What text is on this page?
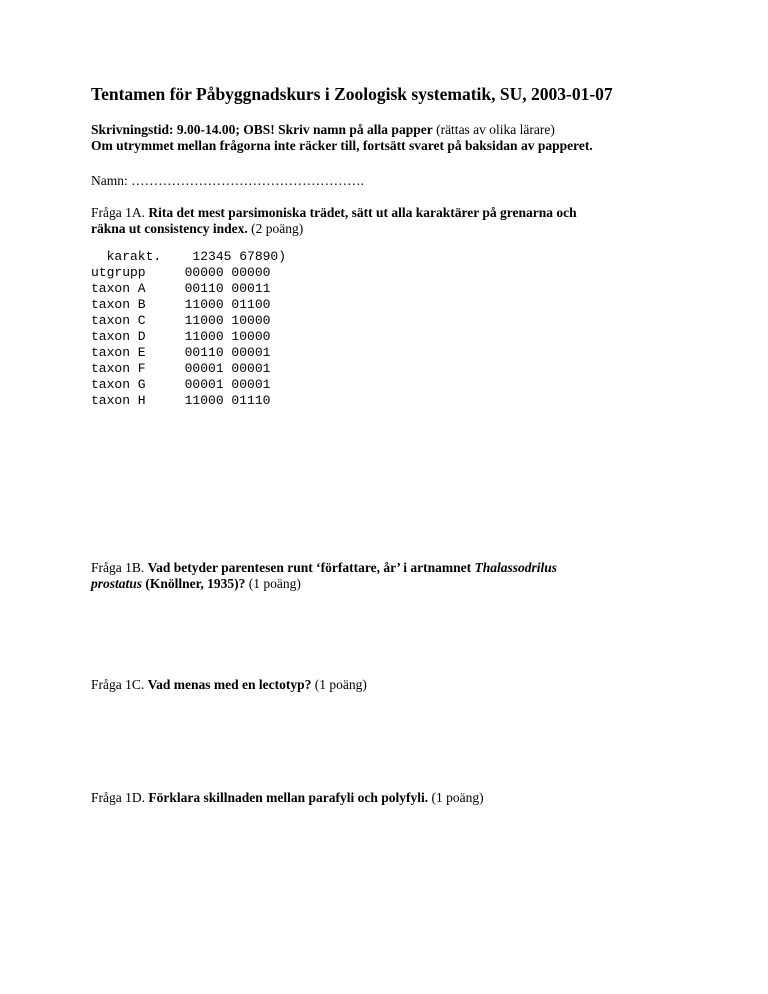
Tentamen för Påbyggnadskurs i Zoologisk systematik, SU, 2003-01-07
Skrivningstid: 9.00-14.00; OBS! Skriv namn på alla papper (rättas av olika lärare)
Om utrymmet mellan frågorna inte räcker till, fortsätt svaret på baksidan av papperet.
Namn: …………………………………………….
Fråga 1A. Rita det mest parsimoniska trädet, sätt ut alla karaktärer på grenarna och
räkna ut consistency index. (2 poäng)
karakt.    12345 67890)
utgrupp     00000 00000
taxon A     00110 00011
taxon B     11000 01100
taxon C     11000 10000
taxon D     11000 10000
taxon E     00110 00001
taxon F     00001 00001
taxon G     00001 00001
taxon H     11000 01110
Fråga 1B. Vad betyder parentesen runt ‘författare, år’ i artnamnet Thalassodrilus
prostatus (Knöllner, 1935)? (1 poäng)
Fråga 1C. Vad menas med en lectotyp? (1 poäng)
Fråga 1D. Förklara skillnaden mellan parafyli och polyfyli. (1 poäng)
